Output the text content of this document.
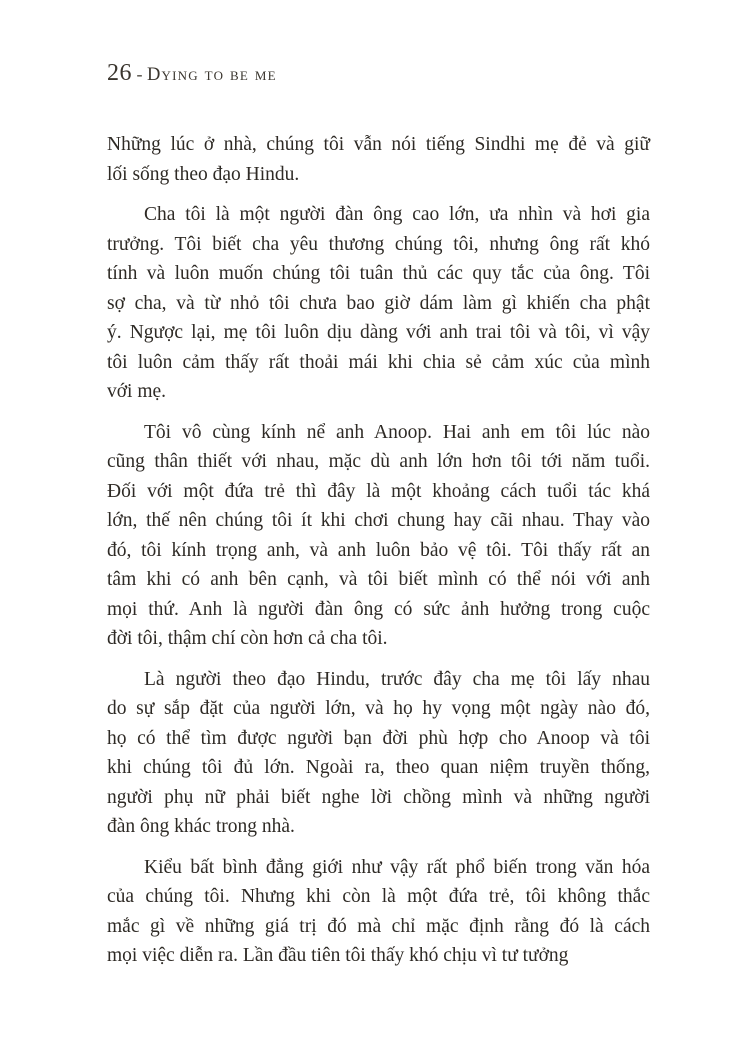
26 - Dying to be me
Những lúc ở nhà, chúng tôi vẫn nói tiếng Sindhi mẹ đẻ và giữ
lối sống theo đạo Hindu.
Cha tôi là một người đàn ông cao lớn, ưa nhìn và hơi gia
trưởng. Tôi biết cha yêu thương chúng tôi, nhưng ông rất khó
tính và luôn muốn chúng tôi tuân thủ các quy tắc của ông. Tôi
sợ cha, và từ nhỏ tôi chưa bao giờ dám làm gì khiến cha phật
ý. Ngược lại, mẹ tôi luôn dịu dàng với anh trai tôi và tôi, vì vậy
tôi luôn cảm thấy rất thoải mái khi chia sẻ cảm xúc của mình
với mẹ.
Tôi vô cùng kính nể anh Anoop. Hai anh em tôi lúc nào
cũng thân thiết với nhau, mặc dù anh lớn hơn tôi tới năm tuổi.
Đối với một đứa trẻ thì đây là một khoảng cách tuổi tác khá
lớn, thế nên chúng tôi ít khi chơi chung hay cãi nhau. Thay vào
đó, tôi kính trọng anh, và anh luôn bảo vệ tôi. Tôi thấy rất an
tâm khi có anh bên cạnh, và tôi biết mình có thể nói với anh
mọi thứ. Anh là người đàn ông có sức ảnh hưởng trong cuộc
đời tôi, thậm chí còn hơn cả cha tôi.
Là người theo đạo Hindu, trước đây cha mẹ tôi lấy nhau
do sự sắp đặt của người lớn, và họ hy vọng một ngày nào đó,
họ có thể tìm được người bạn đời phù hợp cho Anoop và tôi
khi chúng tôi đủ lớn. Ngoài ra, theo quan niệm truyền thống,
người phụ nữ phải biết nghe lời chồng mình và những người
đàn ông khác trong nhà.
Kiểu bất bình đẳng giới như vậy rất phổ biến trong văn hóa
của chúng tôi. Nhưng khi còn là một đứa trẻ, tôi không thắc
mắc gì về những giá trị đó mà chỉ mặc định rằng đó là cách
mọi việc diễn ra. Lần đầu tiên tôi thấy khó chịu vì tư tưởng
